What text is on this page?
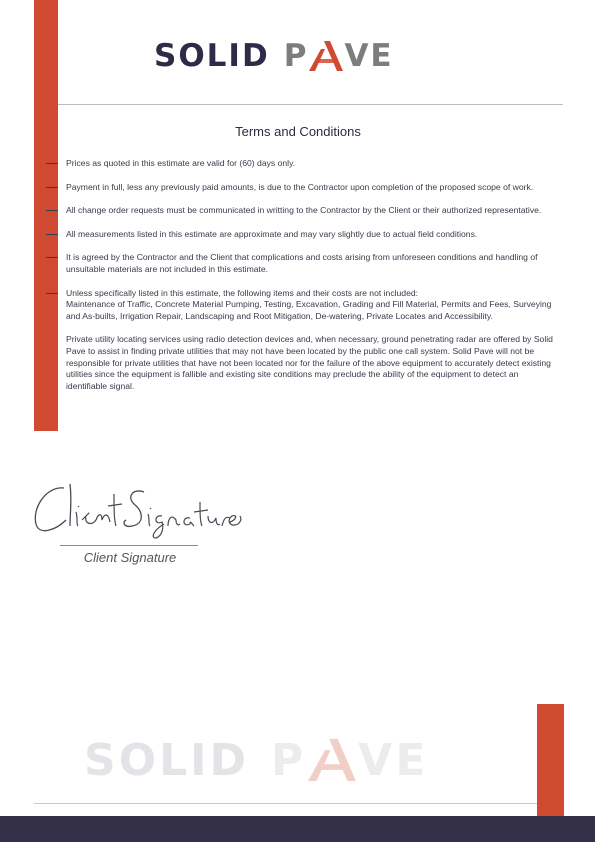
SOLID P VE
Terms and Conditions
Prices as quoted in this estimate are valid for (60) days only.
Payment in full, less any previously paid amounts, is due to the Contractor upon completion of the proposed scope of work.
All change order requests must be communicated in writting to the Contractor by the Client or their authorized representative.
All measurements listed in this estimate are approximate and may vary slightly due to actual field conditions.
It is agreed by the Contractor and the Client that complications and costs arising from unforeseen conditions and handling of unsuitable materials are not included in this estimate.
Unless specifically listed in this estimate, the following items and their costs are not included:
Maintenance of Traffic, Concrete Material Pumping, Testing, Excavation, Grading and Fill Material, Permits and Fees, Surveying and As-builts, Irrigation Repair, Landscaping and Root Mitigation, De-watering, Private Locates and Accessibility.
Private utility locating services using radio detection devices and, when necessary, ground penetrating radar are offered by Solid Pave to assist in finding private utilities that may not have been located by the public one call system. Solid Pave will not be responsible for private utilities that have not been located nor for the failure of the above equipment to accurately detect existing utilities since the equipment is fallible and existing site conditions may preclude the ability of the equipment to detect an identifiable signal.
Client Signature
SOLID P VE
